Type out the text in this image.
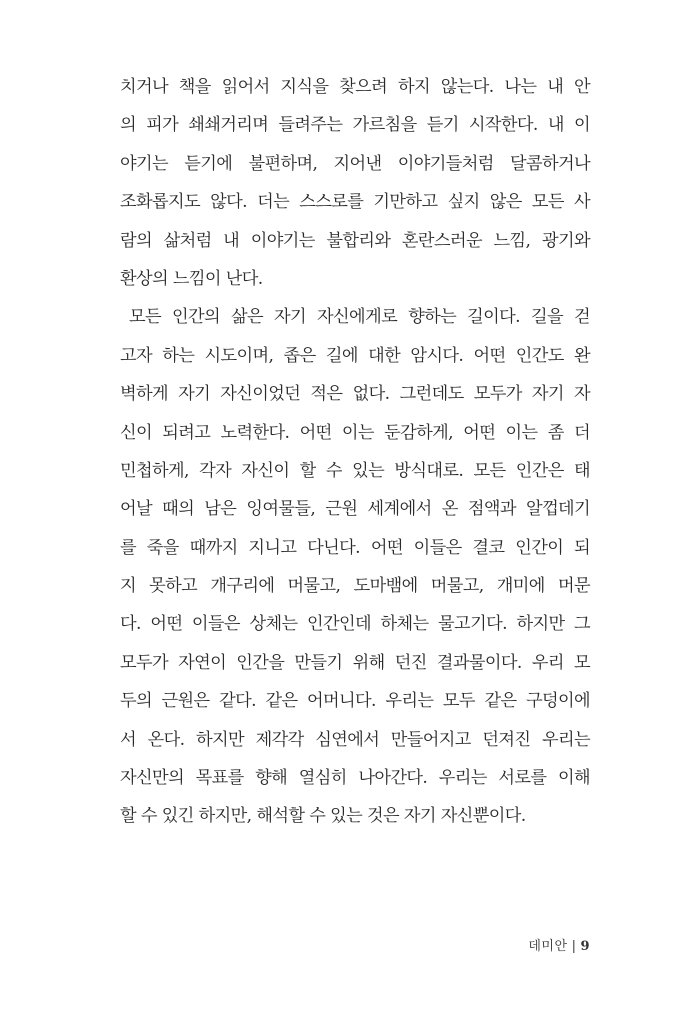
치거나 책을 읽어서 지식을 찾으려 하지 않는다. 나는 내 안
의 피가 쇄쇄거리며 들려주는 가르침을 듣기 시작한다. 내 이
야기는 듣기에 불편하며, 지어낸 이야기들처럼 달콤하거나
조화롭지도 않다. 더는 스스로를 기만하고 싶지 않은 모든 사
람의 삶처럼 내 이야기는 불합리와 혼란스러운 느낌, 광기와
환상의 느낌이 난다.
모든 인간의 삶은 자기 자신에게로 향하는 길이다. 길을 걷
고자 하는 시도이며, 좁은 길에 대한 암시다. 어떤 인간도 완
벽하게 자기 자신이었던 적은 없다. 그런데도 모두가 자기 자
신이 되려고 노력한다. 어떤 이는 둔감하게, 어떤 이는 좀 더
민첩하게, 각자 자신이 할 수 있는 방식대로. 모든 인간은 태
어날 때의 남은 잉여물들, 근원 세계에서 온 점액과 알껍데기
를 죽을 때까지 지니고 다닌다. 어떤 이들은 결코 인간이 되
지 못하고 개구리에 머물고, 도마뱀에 머물고, 개미에 머문
다. 어떤 이들은 상체는 인간인데 하체는 물고기다. 하지만 그
모두가 자연이 인간을 만들기 위해 던진 결과물이다. 우리 모
두의 근원은 같다. 같은 어머니다. 우리는 모두 같은 구덩이에
서 온다. 하지만 제각각 심연에서 만들어지고 던져진 우리는
자신만의 목표를 향해 열심히 나아간다. 우리는 서로를 이해
할 수 있긴 하지만, 해석할 수 있는 것은 자기 자신뿐이다.
데미안 | 9
